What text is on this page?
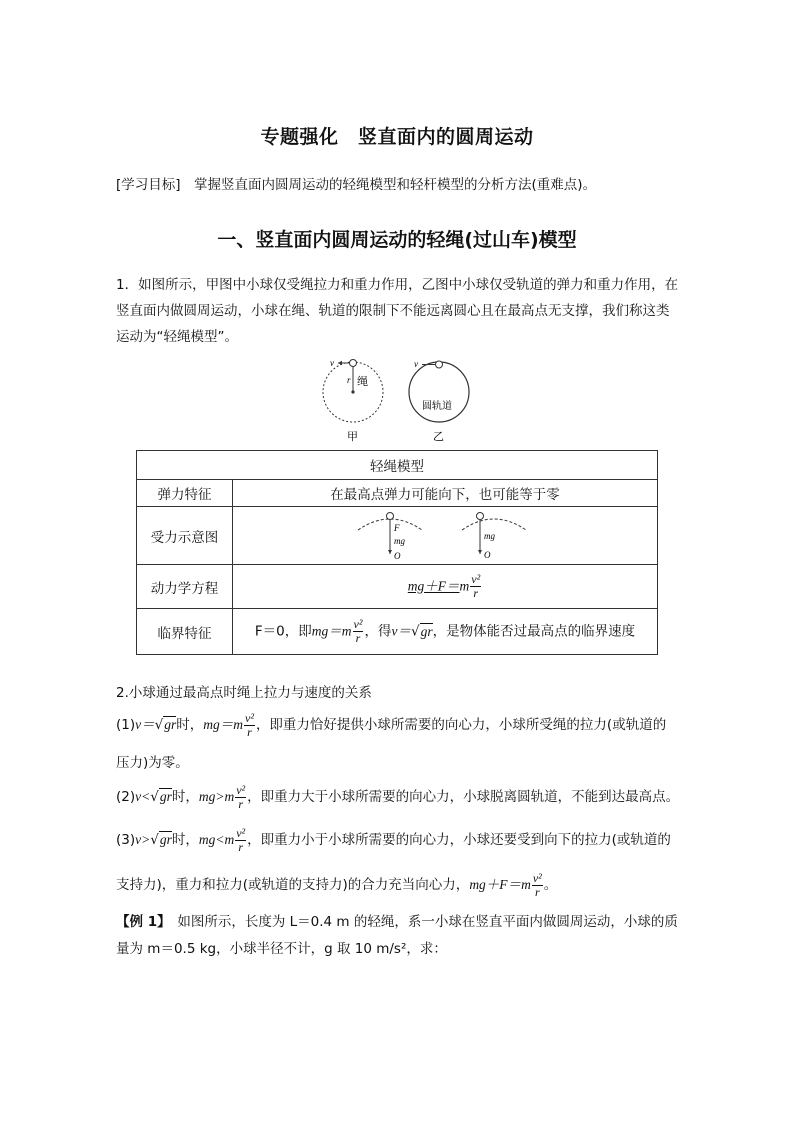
专题强化　竖直面内的圆周运动
[学习目标]　掌握竖直面内圆周运动的轻绳模型和轻杆模型的分析方法(重难点)。
一、竖直面内圆周运动的轻绳(过山车)模型
1．如图所示，甲图中小球仅受绳拉力和重力作用，乙图中小球仅受轨道的弹力和重力作用，在竖直面内做圆周运动，小球在绳、轨道的限制下不能远离圆心且在最高点无支撑，我们称这类运动为“轻绳模型”。
v
r 绳
甲
v
圆轨道
乙
轻绳模型	
弹力特征	在最高点弹力可能向下，也可能等于零
受力示意图	F
mg
O
mg
O

动力学方程	$mg+F=m \frac{\text{v²}}{r}$

临界特征	F＝0，即$mg=m \frac{\text{v²}}{r}$ ，得v＝√gr，是物体能否过最高点的临界速度
2.小球通过最高点时绳上拉力与速度的关系
(1)v＝√gr时，$mg=m \frac{\text{v²}}{r}$ ，即重力恰好提供小球所需要的向心力，小球所受绳的拉力(或轨道的
压力)为零。
(2)v<√gr时，$mg>m \frac{\text{v²}}{r}$ ，即重力大于小球所需要的向心力，小球脱离圆轨道，不能到达最高点。
(3)v>√gr时，$mg<m \frac{\text{v²}}{r}$ ，即重力小于小球所需要的向心力，小球还要受到向下的拉力(或轨道的
支持力)，重力和拉力(或轨道的支持力)的合力充当向心力，$mg+F=m \frac{\text{v²}}{r}$ 。
【例 1】　如图所示，长度为 L＝0.4 m 的轻绳，系一小球在竖直平面内做圆周运动，小球的质
量为 m＝0.5 kg，小球半径不计，g 取 10 m/s²，求：
